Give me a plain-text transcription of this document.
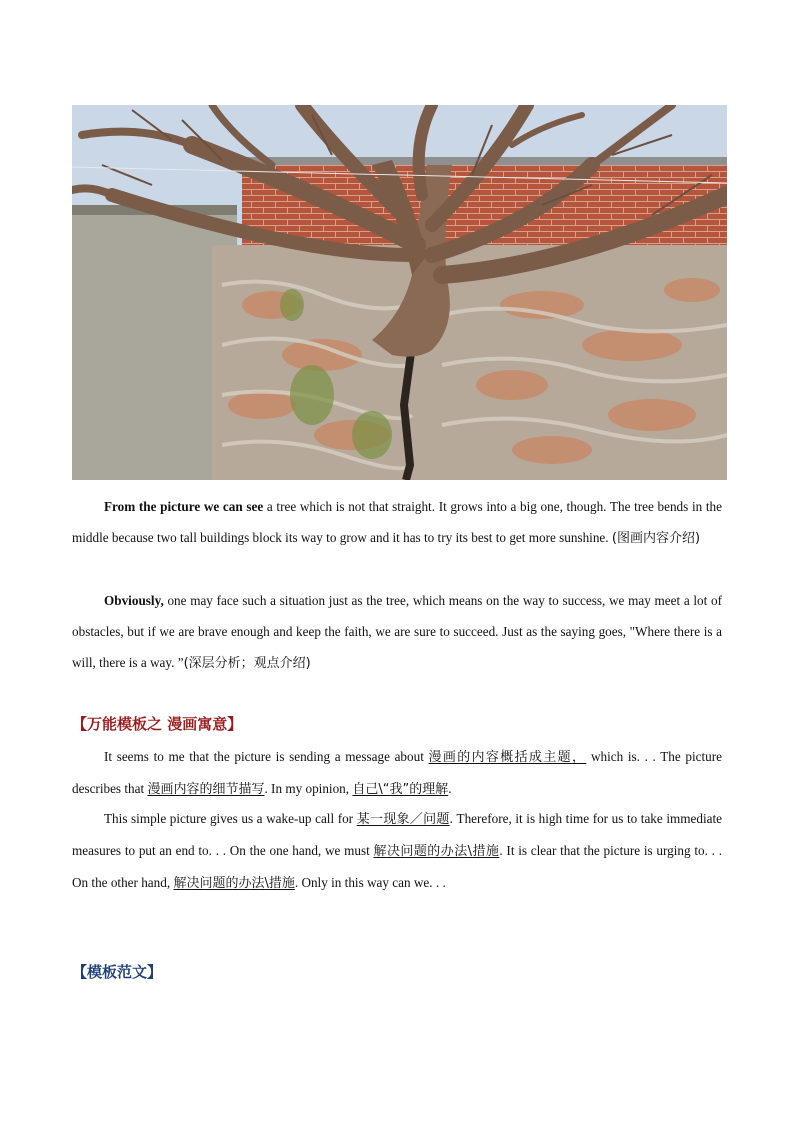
From the picture we can see a tree which is not that straight. It grows into a big one, though. The tree bends in the middle because two tall buildings block its way to grow and it has to try its best to get more sunshine. (图画内容介绍)
Obviously, one may face such a situation just as the tree, which means on the way to success, we may meet a lot of obstacles, but if we are brave enough and keep the faith, we are sure to succeed. Just as the saying goes, "Where there is a will, there is a way. ”(深层分析；观点介绍)
【万能模板之 漫画寓意】
It seems to me that the picture is sending a message about 漫画的内容概括成主题， which is. . . The picture describes that 漫画内容的细节描写. In my opinion, 自己\“我”的理解.
This simple picture gives us a wake-up call for 某一现象／问题. Therefore, it is high time for us to take immediate measures to put an end to. . . On the one hand, we must 解决问题的办法\措施. It is clear that the picture is urging to. . . On the other hand, 解决问题的办法\措施. Only in this way can we. . .
【模板范文】
